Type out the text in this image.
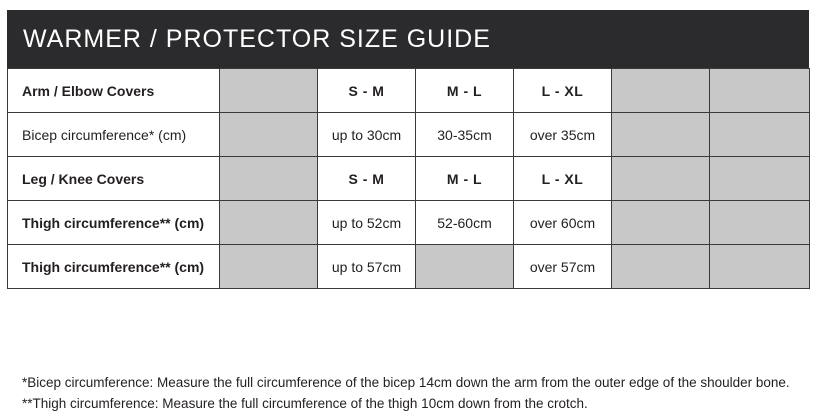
WARMER / PROTECTOR SIZE GUIDE
Arm / Elbow Covers		S - M	M - L	L - XL		
Bicep circumference* (cm)		up to 30cm	30-35cm	over 35cm		
Leg / Knee Covers		S - M	M - L	L - XL		
Thigh circumference** (cm)		up to 52cm	52-60cm	over 60cm		
Thigh circumference** (cm)		up to 57cm		over 57cm		
*Bicep circumference: Measure the full circumference of the bicep 14cm down the arm from the outer edge of the shoulder bone.
**Thigh circumference: Measure the full circumference of the thigh 10cm down from the crotch.
